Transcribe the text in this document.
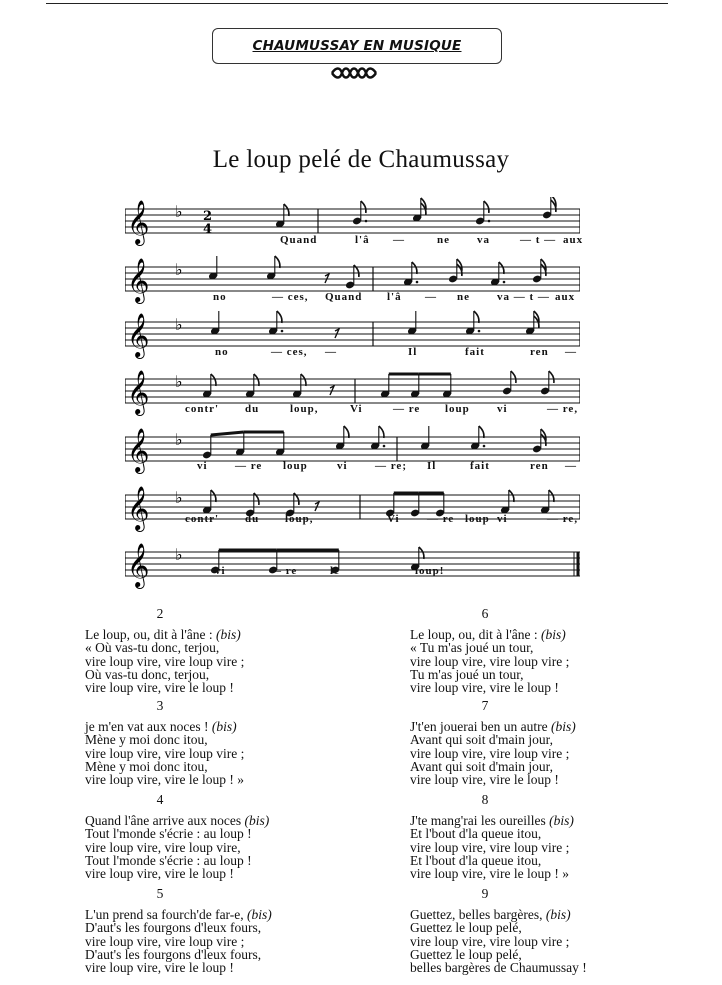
CHAUMUSSAY EN MUSIQUE
Le loup pelé de Chaumussay
𝄞 ♭ 2
4
Quand	l'â —	ne va	— t — aux
𝄞 ♭
no	— ces, Quand l'â — ne va — t — aux
𝄞 ♭
no	— ces, —	Il	fait	ren —
𝄞 ♭
contr' du	loup,	Vi	— re loup vi	— re,
𝄞 ♭
vi — re loup	vi — re; Il	fait	ren —
𝄞 ♭
contr' du loup,	Vi — re loup vi	— re,
𝄞 ♭
vi	— re	le	loup!
2
Le loup, ou, dit à l'âne : (bis)
« Où vas-tu donc, terjou,
vire loup vire, vire loup vire ;
Où vas-tu donc, terjou,
vire loup vire, vire le loup !
3
je m'en vat aux noces ! (bis)
Mène y moi donc itou,
vire loup vire, vire loup vire ;
Mène y moi donc itou,
vire loup vire, vire le loup ! »
4
Quand l'âne arrive aux noces (bis)
Tout l'monde s'écrie : au loup !
vire loup vire, vire loup vire,
Tout l'monde s'écrie : au loup !
vire loup vire, vire le loup !
5
L'un prend sa fourch'de far-e, (bis)
D'aut's les fourgons d'leux fours,
vire loup vire, vire loup vire ;
D'aut's les fourgons d'leux fours,
vire loup vire, vire le loup !
6
Le loup, ou, dit à l'âne : (bis)
« Tu m'as joué un tour,
vire loup vire, vire loup vire ;
Tu m'as joué un tour,
vire loup vire, vire le loup !
7
J't'en jouerai ben un autre (bis)
Avant qui soit d'main jour,
vire loup vire, vire loup vire ;
Avant qui soit d'main jour,
vire loup vire, vire le loup !
8
J'te mang'rai les oureilles (bis)
Et l'bout d'la queue itou,
vire loup vire, vire loup vire ;
Et l'bout d'la queue itou,
vire loup vire, vire le loup ! »
9
Guettez, belles bargères, (bis)
Guettez le loup pelé,
vire loup vire, vire loup vire ;
Guettez le loup pelé,
belles bargères de Chaumussay !
